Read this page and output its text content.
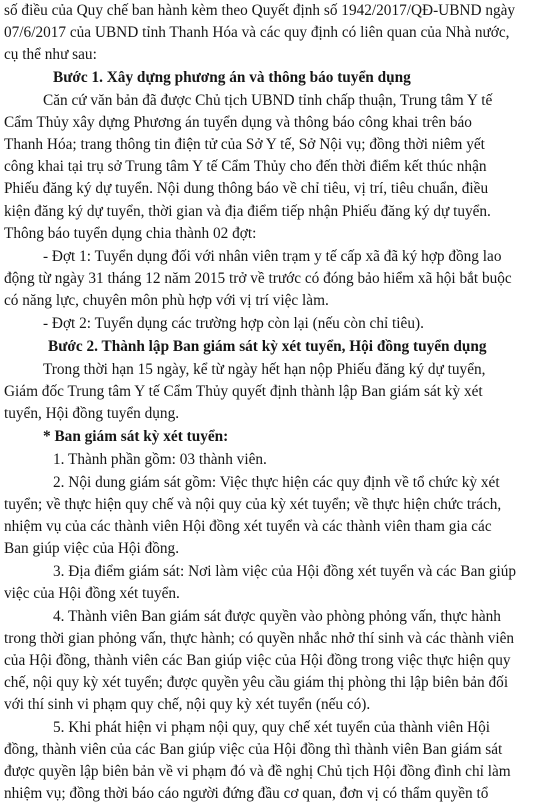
số điều của Quy chế ban hành kèm theo Quyết định số 1942/2017/QĐ-UBND ngày
07/6/2017 của UBND tỉnh Thanh Hóa và các quy định có liên quan của Nhà nước,
cụ thể như sau:
Bước 1. Xây dựng phương án và thông báo tuyển dụng
Căn cứ văn bản đã được Chủ tịch UBND tỉnh chấp thuận, Trung tâm Y tế
Cẩm Thủy xây dựng Phương án tuyển dụng và thông báo công khai trên báo
Thanh Hóa; trang thông tin điện tử của Sở Y tế, Sở Nội vụ; đồng thời niêm yết
công khai tại trụ sở Trung tâm Y tế Cẩm Thủy cho đến thời điểm kết thúc nhận
Phiếu đăng ký dự tuyển. Nội dung thông báo về chỉ tiêu, vị trí, tiêu chuẩn, điều
kiện đăng ký dự tuyển, thời gian và địa điểm tiếp nhận Phiếu đăng ký dự tuyển.
Thông báo tuyển dụng chia thành 02 đợt:
- Đợt 1: Tuyển dụng đối với nhân viên trạm y tế cấp xã đã ký hợp đồng lao
động từ ngày 31 tháng 12 năm 2015 trở về trước có đóng bảo hiểm xã hội bắt buộc
có năng lực, chuyên môn phù hợp với vị trí việc làm.
- Đợt 2: Tuyển dụng các trường hợp còn lại (nếu còn chỉ tiêu).
Bước 2. Thành lập Ban giám sát kỳ xét tuyển, Hội đồng tuyển dụng
Trong thời hạn 15 ngày, kể từ ngày hết hạn nộp Phiếu đăng ký dự tuyển,
Giám đốc Trung tâm Y tế Cẩm Thủy quyết định thành lập Ban giám sát kỳ xét
tuyển, Hội đồng tuyển dụng.
* Ban giám sát kỳ xét tuyển:
1. Thành phần gồm: 03 thành viên.
2. Nội dung giám sát gồm: Việc thực hiện các quy định về tổ chức kỳ xét
tuyển; về thực hiện quy chế và nội quy của kỳ xét tuyển; về thực hiện chức trách,
nhiệm vụ của các thành viên Hội đồng xét tuyển và các thành viên tham gia các
Ban giúp việc của Hội đồng.
3. Địa điểm giám sát: Nơi làm việc của Hội đồng xét tuyển và các Ban giúp
việc của Hội đồng xét tuyển.
4. Thành viên Ban giám sát được quyền vào phòng phỏng vấn, thực hành
trong thời gian phỏng vấn, thực hành; có quyền nhắc nhở thí sinh và các thành viên
của Hội đồng, thành viên các Ban giúp việc của Hội đồng trong việc thực hiện quy
chế, nội quy kỳ xét tuyển; được quyền yêu cầu giám thị phòng thi lập biên bản đối
với thí sinh vi phạm quy chế, nội quy kỳ xét tuyển (nếu có).
5. Khi phát hiện vi phạm nội quy, quy chế xét tuyển của thành viên Hội
đồng, thành viên của các Ban giúp việc của Hội đồng thì thành viên Ban giám sát
được quyền lập biên bản về vi phạm đó và đề nghị Chủ tịch Hội đồng đình chỉ làm
nhiệm vụ; đồng thời báo cáo người đứng đầu cơ quan, đơn vị có thẩm quyền tổ
